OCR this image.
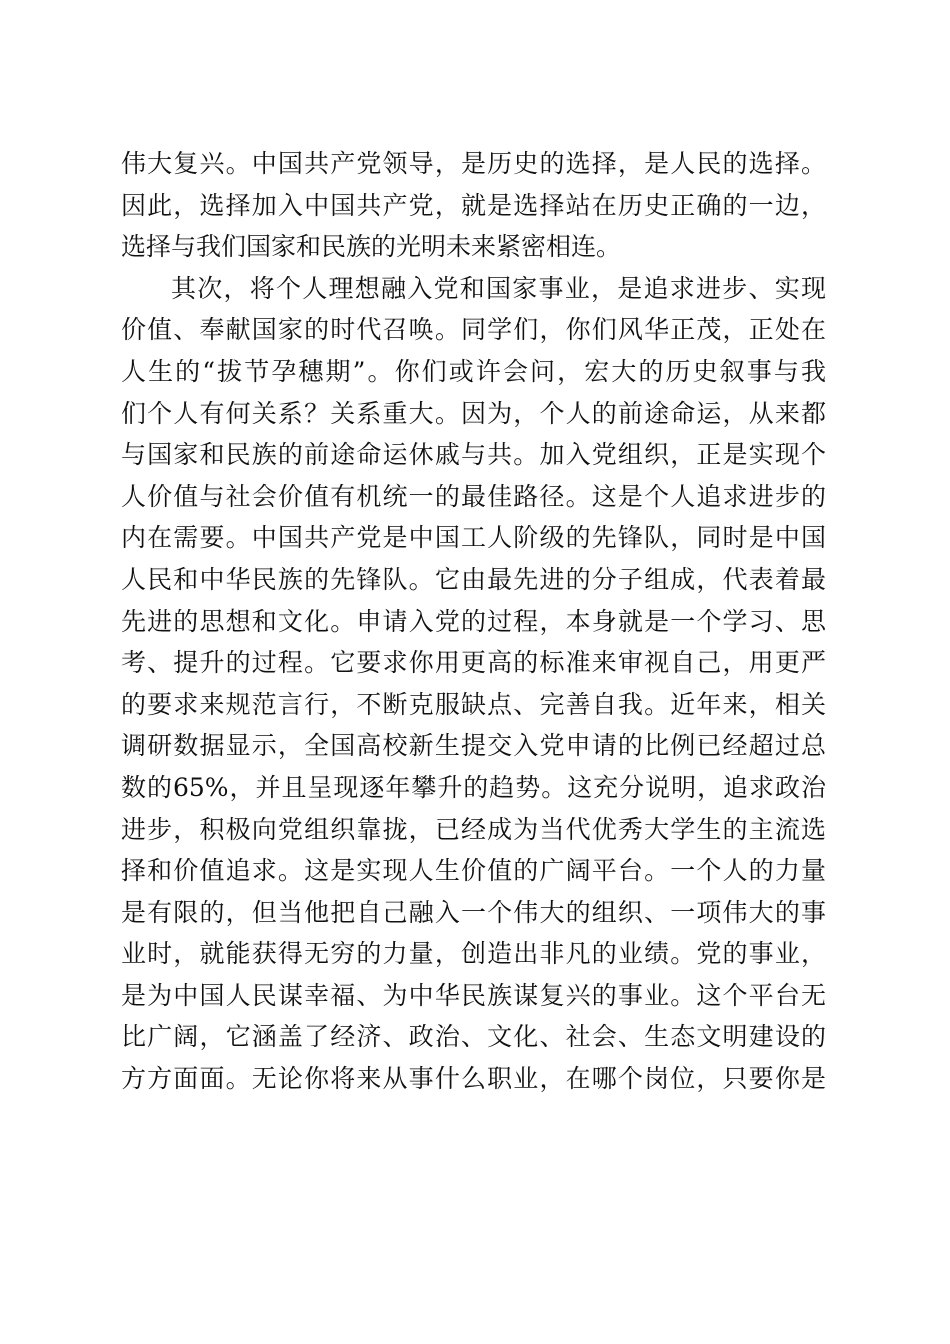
伟大复兴。中国共产党领导，是历史的选择，是人民的选择。
因此，选择加入中国共产党，就是选择站在历史正确的一边，
选择与我们国家和民族的光明未来紧密相连。
其次，将个人理想融入党和国家事业，是追求进步、实现
价值、奉献国家的时代召唤。同学们，你们风华正茂，正处在
人生的“拔节孕穗期”。你们或许会问，宏大的历史叙事与我
们个人有何关系？关系重大。因为，个人的前途命运，从来都
与国家和民族的前途命运休戚与共。加入党组织，正是实现个
人价值与社会价值有机统一的最佳路径。这是个人追求进步的
内在需要。中国共产党是中国工人阶级的先锋队，同时是中国
人民和中华民族的先锋队。它由最先进的分子组成，代表着最
先进的思想和文化。申请入党的过程，本身就是一个学习、思
考、提升的过程。它要求你用更高的标准来审视自己，用更严
的要求来规范言行，不断克服缺点、完善自我。近年来，相关
调研数据显示，全国高校新生提交入党申请的比例已经超过总
数的65%，并且呈现逐年攀升的趋势。这充分说明，追求政治
进步，积极向党组织靠拢，已经成为当代优秀大学生的主流选
择和价值追求。这是实现人生价值的广阔平台。一个人的力量
是有限的，但当他把自己融入一个伟大的组织、一项伟大的事
业时，就能获得无穷的力量，创造出非凡的业绩。党的事业，
是为中国人民谋幸福、为中华民族谋复兴的事业。这个平台无
比广阔，它涵盖了经济、政治、文化、社会、生态文明建设的
方方面面。无论你将来从事什么职业，在哪个岗位，只要你是
